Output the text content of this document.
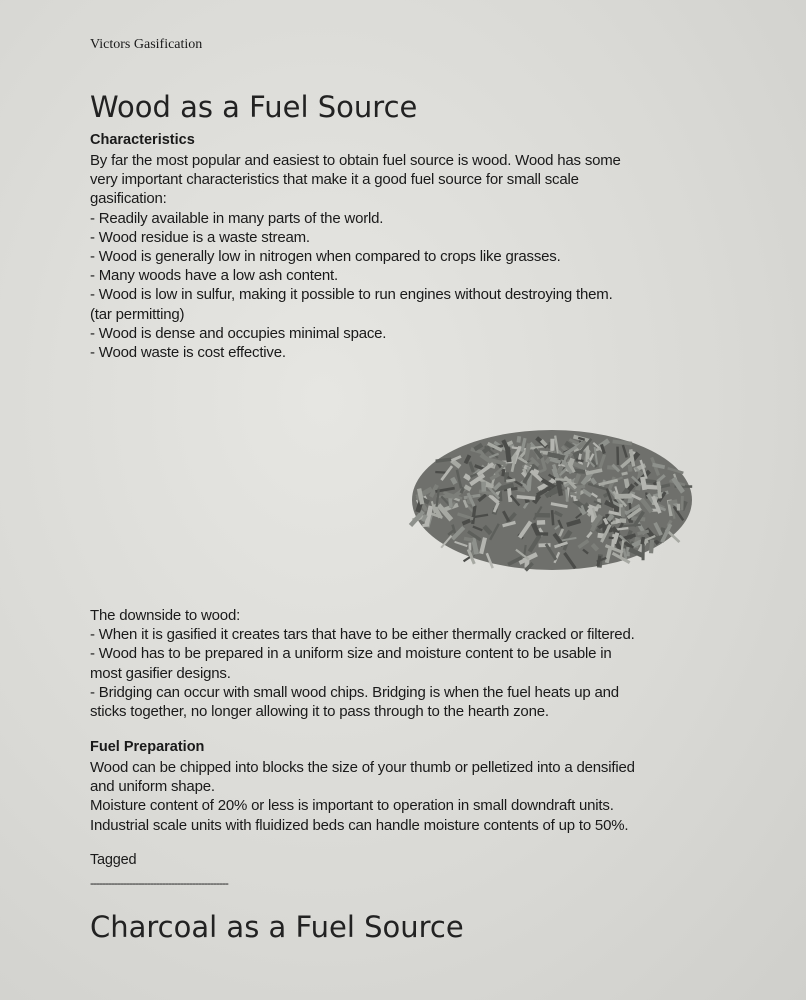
Victors Gasification
Wood as a Fuel Source
Characteristics
By far the most popular and easiest to obtain fuel source is wood. Wood has some
very important characteristics that make it a good fuel source for small scale
gasification:
- Readily available in many parts of the world.
- Wood residue is a waste stream.
- Wood is generally low in nitrogen when compared to crops like grasses.
- Many woods have a low ash content.
- Wood is low in sulfur, making it possible to run engines without destroying them.
(tar permitting)
- Wood is dense and occupies minimal space.
- Wood waste is cost effective.
The downside to wood:
- When it is gasified it creates tars that have to be either thermally cracked or filtered.
- Wood has to be prepared in a uniform size and moisture content to be usable in
most gasifier designs.
- Bridging can occur with small wood chips. Bridging is when the fuel heats up and
sticks together, no longer allowing it to pass through to the hearth zone.
Fuel Preparation
Wood can be chipped into blocks the size of your thumb or pelletized into a densified
and uniform shape.
Moisture content of 20% or less is important to operation in small downdraft units.
Industrial scale units with fluidized beds can handle moisture contents of up to 50%.
Tagged
----------------------------------------------
Charcoal as a Fuel Source
